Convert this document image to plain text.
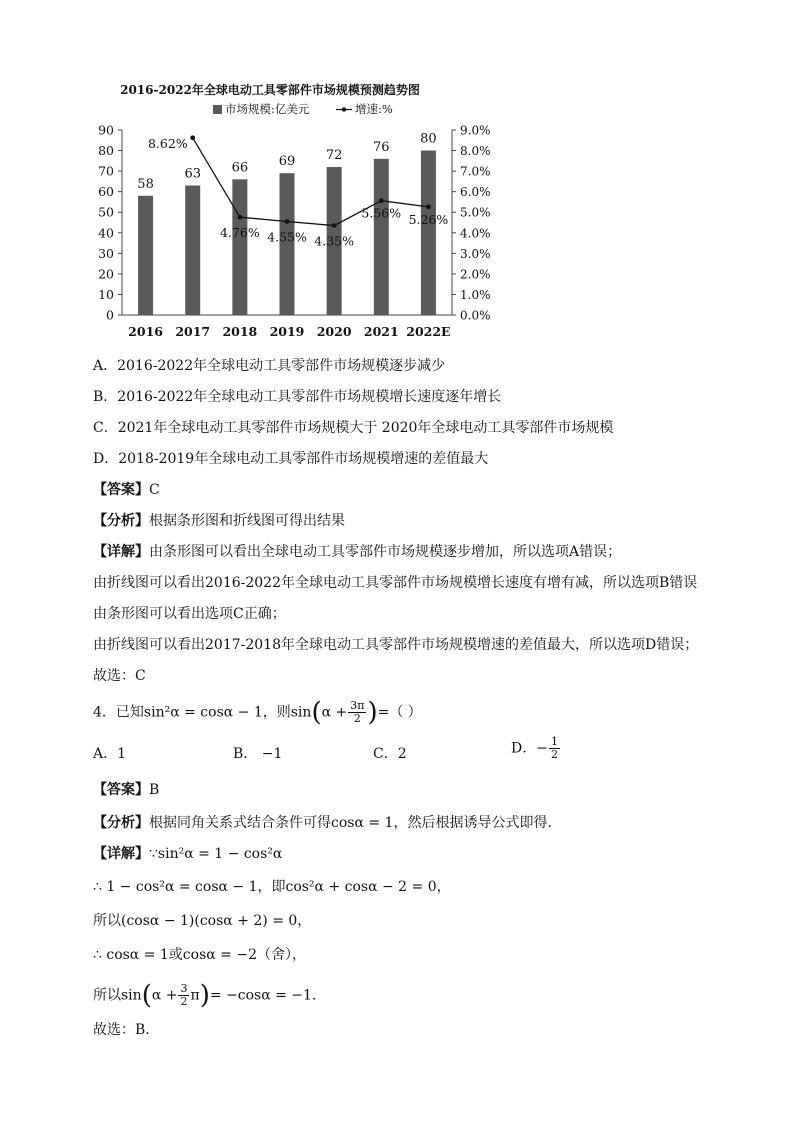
2016-2022年全球电动工具零部件市场规模预测趋势图
市场规模:亿美元	增速:%
0
10
20
30
40
50
60
70
80
90
0.0%
1.0%
2.0%
3.0%
4.0%
5.0%
6.0%
7.0%
8.0%
9.0%
2016 2017 2018 2019 2020 2021 2022E
58
63 66 69 72
76
80
8.62%
4.76% 4.55% 4.35%
5.56% 5.26%
A．2016-2022年全球电动工具零部件市场规模逐步减少
B．2016-2022年全球电动工具零部件市场规模增长速度逐年增长
C．2021年全球电动工具零部件市场规模大于 2020年全球电动工具零部件市场规模
D．2018-2019年全球电动工具零部件市场规模增速的差值最大
【答案】C
【分析】根据条形图和折线图可得出结果
【详解】由条形图可以看出全球电动工具零部件市场规模逐步增加，所以选项A错误；
由折线图可以看出2016-2022年全球电动工具零部件市场规模增长速度有增有减，所以选项B错误
由条形图可以看出选项C正确；
由折线图可以看出2017-2018年全球电动工具零部件市场规模增速的差值最大，所以选项D错误；
故选：C
4．已知sin²α = cosα − 1，则$\sin(\alpha + \frac{3\pi}{2}$ )=（ ）
A．1	B． −1	C．2	D．− $\frac{1}{2}$
【答案】B
【分析】根据同角关系式结合条件可得cosα = 1，然后根据诱导公式即得.
【详解】∵sin²α = 1 − cos²α
∴ 1 − cos²α = cosα − 1，即cos²α + cosα − 2 = 0，
所以(cosα − 1)(cosα + 2) = 0，
∴ cosα = 1或cosα = −2（舍），
所以$\sin(\alpha + \frac{3}{2} \pi)= -\cos\alpha = -1$.
故选：B.
